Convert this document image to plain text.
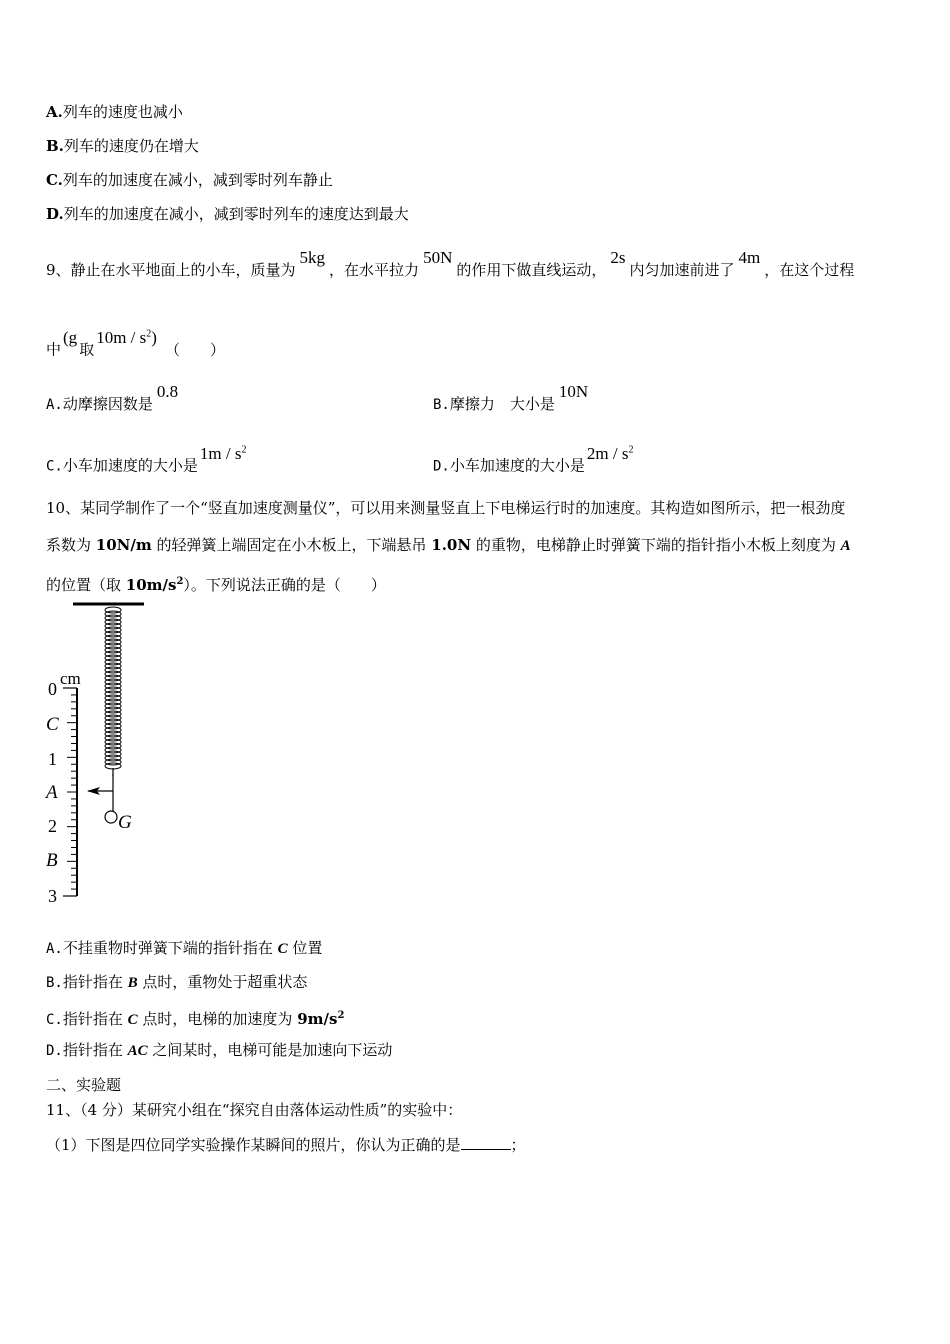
A.列车的速度也减小
B.列车的速度仍在增大
C.列车的加速度在减小，减到零时列车静止
D.列车的加速度在减小，减到零时列车的速度达到最大
9、静止在水平地面上的小车，质量为5kg，在水平拉力50N的作用下做直线运动，2s内匀加速前进了4m，在这个过程
中(g取$10m / s^2$)（　　）
A.动摩擦因数是0.8
B.摩擦力　大小是10N
C.小车加速度的大小是$1m / s^2$
D.小车加速度的大小是$2m / s^2$
10、某同学制作了一个“竖直加速度测量仪”，可以用来测量竖直上下电梯运行时的加速度。其构造如图所示，把一根劲度
系数为 10N/m 的轻弹簧上端固定在小木板上，下端悬吊 1.0N 的重物，电梯静止时弹簧下端的指针指小木板上刻度为 A
的位置（取 $10m/s^2$）。下列说法正确的是（　　）
G
cm
0
C
1
A
2
B
3
A.不挂重物时弹簧下端的指针指在 C 位置
B.指针指在 B 点时，重物处于超重状态
C.指针指在 C 点时，电梯的加速度为 $9m/s^2$
D.指针指在 AC 之间某时，电梯可能是加速向下运动
二、实验题
11、（4 分）某研究小组在“探究自由落体运动性质”的实验中：
（1）下图是四位同学实验操作某瞬间的照片，你认为正确的是	；
